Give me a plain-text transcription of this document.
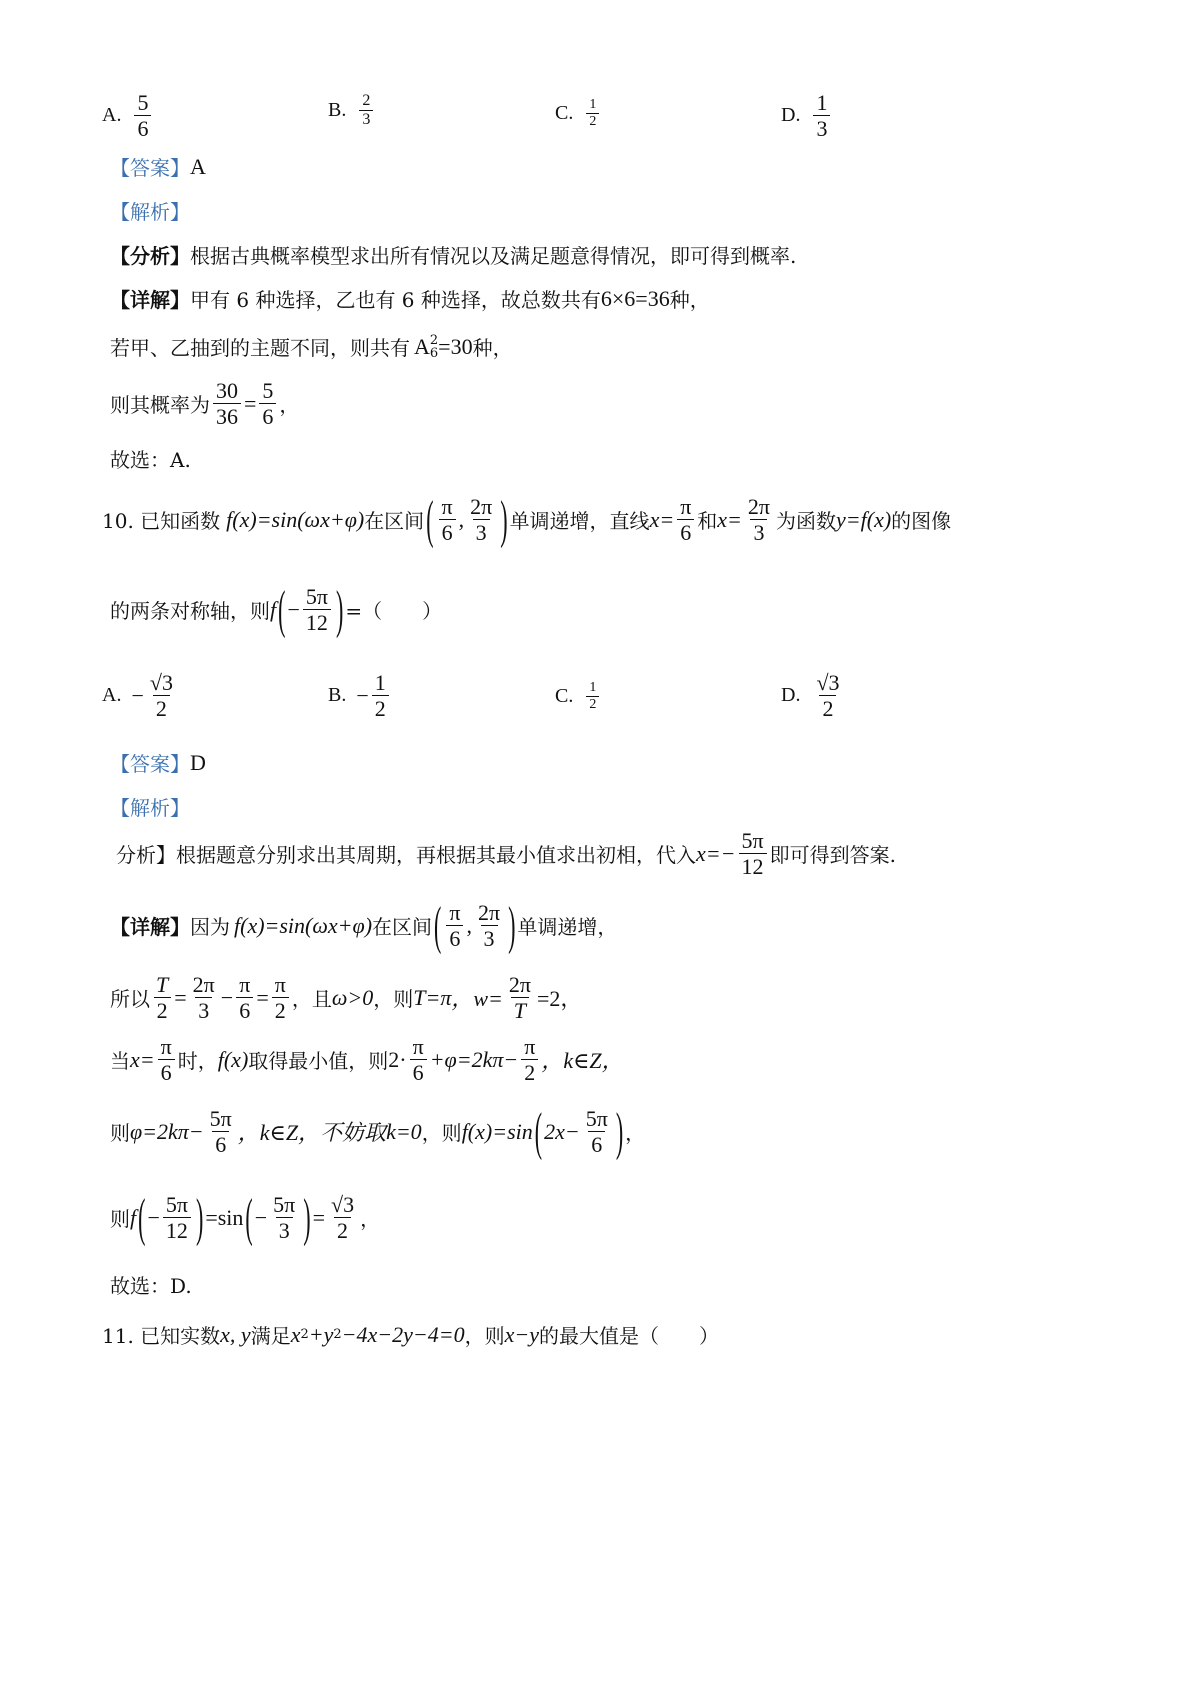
A. $\frac{5}{6}$	B. $\frac{2}{3}$	C. $\frac{1}{2}$	D. $\frac{1}{3}$
【答案】 A
【解析】
【分析】 根据古典概率模型求出所有情况以及满足题意得情况，即可得到概率.
【详解】 甲有 6 种选择，乙也有 6 种选择，故总数共有 6×6=36 种，
若甲、乙抽到的主题不同，则共有 A 2
6 =30 种，
则其概率为 $\frac{30}{36} = \frac{5}{6}$ ，
故选：A.
10. 已知函数 f(x)=sin(ωx+φ) 在区间 ( $\frac{\pi}{6}$ , $\frac{2\pi}{3}$ ) 单调递增，直线 $x= \frac{\pi}{6}$ 和 $x= \frac{2\pi}{3}$ 为函数 y=f(x) 的图像
的两条对称轴，则 f ( − $\frac{5\pi}{12}$ ) =（　　）
A. − $\frac{√3}{2}$	B. − $\frac{1}{2}$	C. $\frac{1}{2}$	D. $\frac{√3}{2}$
【答案】 D
【解析】
分析】根据题意分别求出其周期，再根据其最小值求出初相，代入 $x=- \frac{5\pi}{12}$ 即可得到答案.
【详解】 因为 f(x)=sin(ωx+φ) 在区间 ( $\frac{\pi}{6}$ , $\frac{2\pi}{3}$ ) 单调递增，
所以 $\frac{T}{2} = \frac{2\pi}{3} - \frac{\pi}{6} = \frac{\pi}{2}$ ，且 ω>0 ，则 T=π ，$w= \frac{2\pi}{T} =2$，
当 $x= \frac{\pi}{6}$ 时， f(x) 取得最小值，则 $2\cdot \frac{\pi}{6} +\varphi=2k\pi- \frac{\pi}{2}$ ，k∈Z，
则 $\varphi=2k\pi- \frac{5\pi}{6}$ ，k∈Z，不妨取 k=0 ，则 f(x)=sin ( $2x- \frac{5\pi}{6}$ ) ，
则 f ( − $\frac{5\pi}{12}$ ) =sin ( − $\frac{5\pi}{3}$ ) = $\frac{√3}{2}$ ，
故选：D.
11. 已知实数 x, y 满足 x 2 +y 2 −4x−2y−4=0 ，则 x−y 的最大值是（　　）
